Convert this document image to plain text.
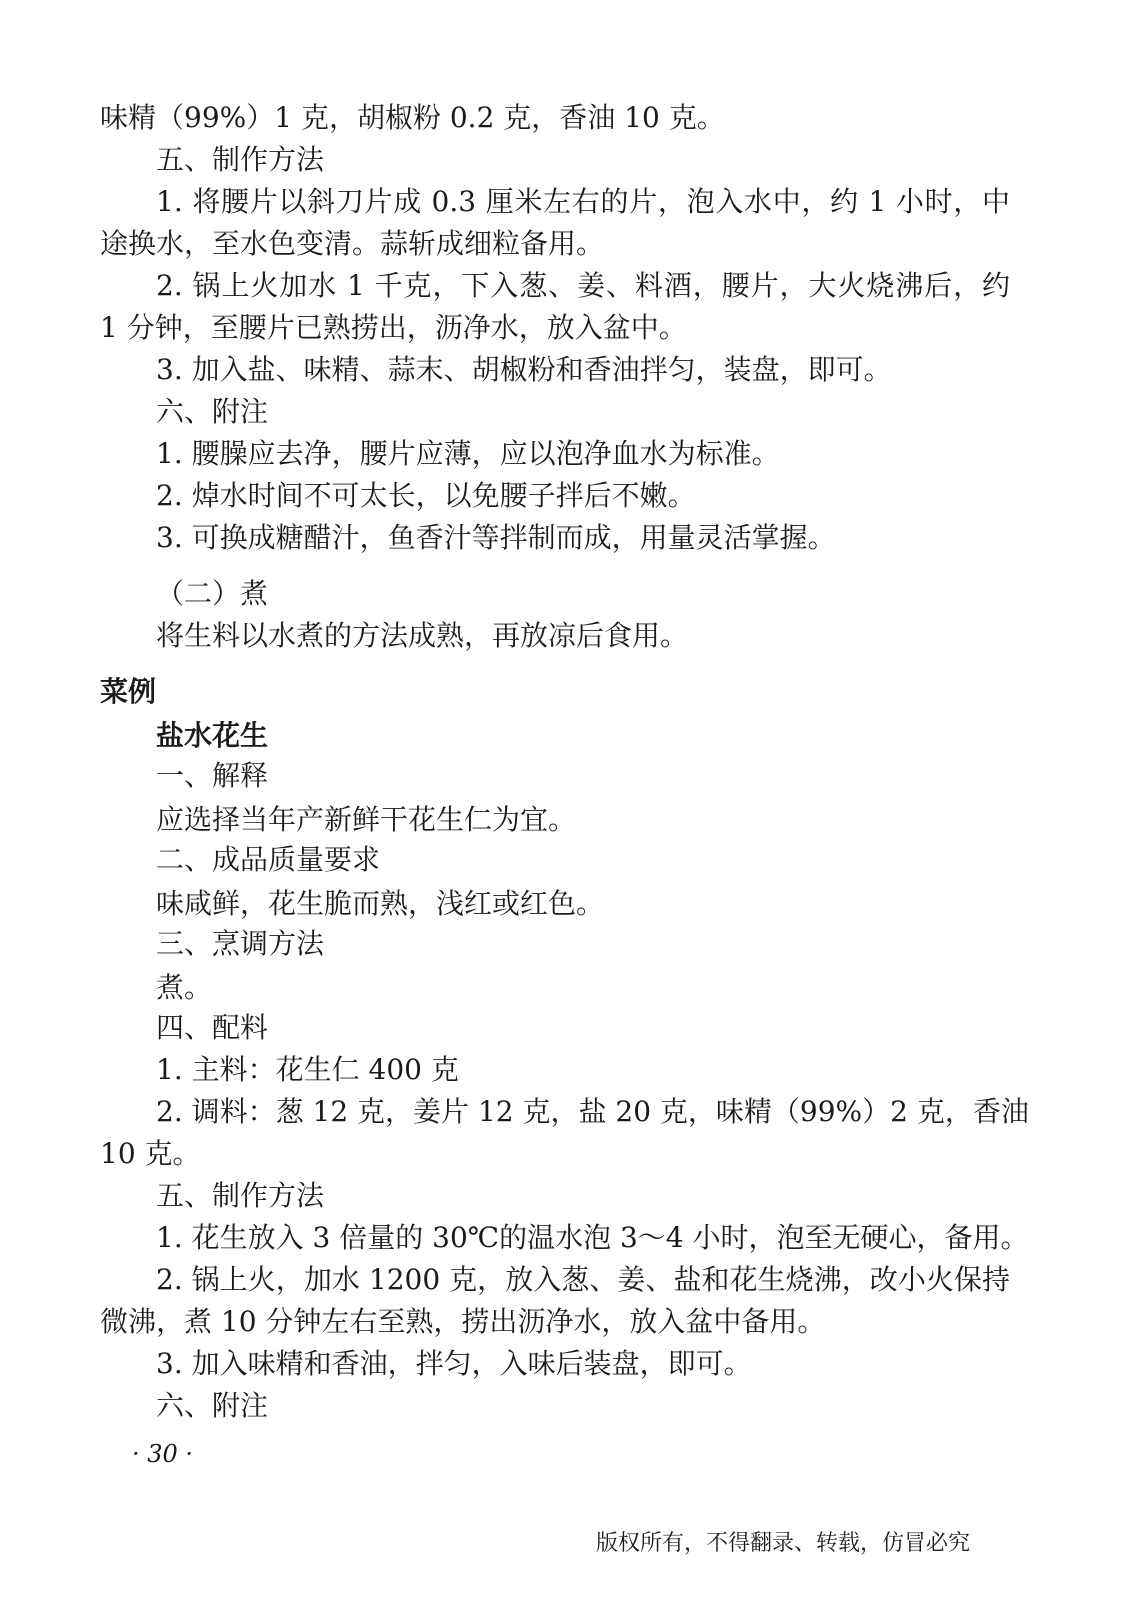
味精（99%）1 克，胡椒粉 0.2 克，香油 10 克。
五、制作方法
1. 将腰片以斜刀片成 0.3 厘米左右的片，泡入水中，约 1 小时，中
途换水，至水色变清。蒜斩成细粒备用。
2. 锅上火加水 1 千克，下入葱、姜、料酒，腰片，大火烧沸后，约
1 分钟，至腰片已熟捞出，沥净水，放入盆中。
3. 加入盐、味精、蒜末、胡椒粉和香油拌匀，装盘，即可。
六、附注
1. 腰臊应去净，腰片应薄，应以泡净血水为标准。
2. 焯水时间不可太长，以免腰子拌后不嫩。
3. 可换成糖醋汁，鱼香汁等拌制而成，用量灵活掌握。
（二）煮
将生料以水煮的方法成熟，再放凉后食用。
菜例
盐水花生
一、解释
应选择当年产新鲜干花生仁为宜。
二、成品质量要求
味咸鲜，花生脆而熟，浅红或红色。
三、烹调方法
煮。
四、配料
1. 主料：花生仁 400 克
2. 调料：葱 12 克，姜片 12 克，盐 20 克，味精（99%）2 克，香油
10 克。
五、制作方法
1. 花生放入 3 倍量的 30℃的温水泡 3～4 小时，泡至无硬心，备用。
2. 锅上火，加水 1200 克，放入葱、姜、盐和花生烧沸，改小火保持
微沸，煮 10 分钟左右至熟，捞出沥净水，放入盆中备用。
3. 加入味精和香油，拌匀，入味后装盘，即可。
六、附注
· 30 ·
版权所有，不得翻录、转载，仿冒必究
